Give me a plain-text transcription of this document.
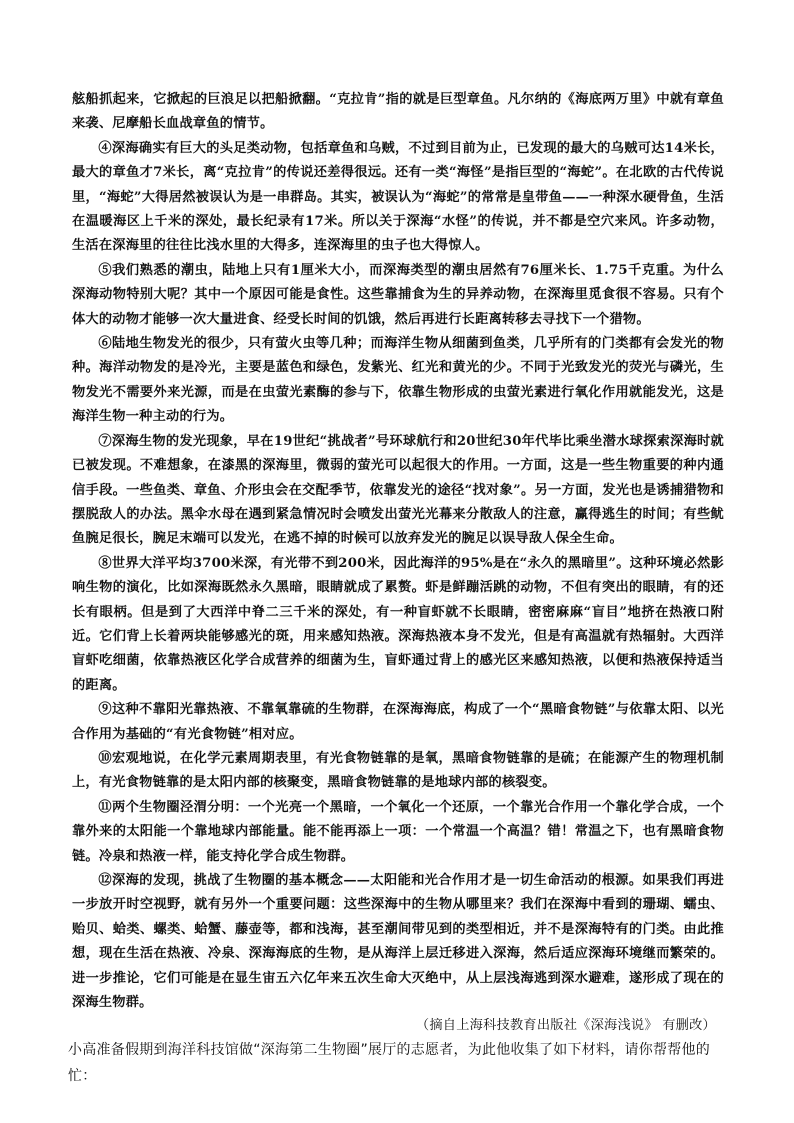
舷船抓起来，它掀起的巨浪足以把船掀翻。“克拉肯”指的就是巨型章鱼。凡尔纳的《海底两万里》中就有章鱼来袭、尼摩船长血战章鱼的情节。

④深海确实有巨大的头足类动物，包括章鱼和乌贼，不过到目前为止，已发现的最大的乌贼可达14米长，最大的章鱼才7米长，离“克拉肯”的传说还差得很远。还有一类“海怪”是指巨型的“海蛇”。在北欧的古代传说里，“海蛇”大得居然被误认为是一串群岛。其实，被误认为“海蛇”的常常是皇带鱼——一种深水硬骨鱼，生活在温暖海区上千米的深处，最长纪录有17米。所以关于深海“水怪”的传说，并不都是空穴来风。许多动物，生活在深海里的往往比浅水里的大得多，连深海里的虫子也大得惊人。

⑤我们熟悉的潮虫，陆地上只有1厘米大小，而深海类型的潮虫居然有76厘米长、1.75千克重。为什么深海动物特别大呢？其中一个原因可能是食性。这些靠捕食为生的异养动物，在深海里觅食很不容易。只有个体大的动物才能够一次大量进食、经受长时间的饥饿，然后再进行长距离转移去寻找下一个猎物。

⑥陆地生物发光的很少，只有萤火虫等几种；而海洋生物从细菌到鱼类，几乎所有的门类都有会发光的物种。海洋动物发的是冷光，主要是蓝色和绿色，发紫光、红光和黄光的少。不同于光致发光的荧光与磷光，生物发光不需要外来光源，而是在虫萤光素酶的参与下，依靠生物形成的虫萤光素进行氧化作用就能发光，这是海洋生物一种主动的行为。

⑦深海生物的发光现象，早在19世纪“挑战者”号环球航行和20世纪30年代毕比乘坐潜水球探索深海时就已被发现。不难想象，在漆黑的深海里，微弱的萤光可以起很大的作用。一方面，这是一些生物重要的种内通信手段。一些鱼类、章鱼、介形虫会在交配季节，依靠发光的途径“找对象”。另一方面，发光也是诱捕猎物和摆脱敌人的办法。黑伞水母在遇到紧急情况时会喷发出萤光光幕来分散敌人的注意，赢得逃生的时间；有些鱿鱼腕足很长，腕足末端可以发光，在逃不掉的时候可以放弃发光的腕足以误导敌人保全生命。

⑧世界大洋平均3700米深，有光带不到200米，因此海洋的95%是在“永久的黑暗里”。这种环境必然影响生物的演化，比如深海既然永久黑暗，眼睛就成了累赘。虾是鲜蹦活跳的动物，不但有突出的眼睛，有的还长有眼柄。但是到了大西洋中脊二三千米的深处，有一种盲虾就不长眼睛，密密麻麻“盲目”地挤在热液口附近。它们背上长着两块能够感光的斑，用来感知热液。深海热液本身不发光，但是有高温就有热辐射。大西洋盲虾吃细菌，依靠热液区化学合成营养的细菌为生，盲虾通过背上的感光区来感知热液，以便和热液保持适当的距离。

⑨这种不靠阳光靠热液、不靠氧靠硫的生物群，在深海海底，构成了一个“黑暗食物链”与依靠太阳、以光合作用为基础的“有光食物链”相对应。

⑩宏观地说，在化学元素周期表里，有光食物链靠的是氧，黑暗食物链靠的是硫；在能源产生的物理机制上，有光食物链靠的是太阳内部的核聚变，黑暗食物链靠的是地球内部的核裂变。

⑪两个生物圈泾渭分明：一个光亮一个黑暗，一个氧化一个还原，一个靠光合作用一个靠化学合成，一个靠外来的太阳能一个靠地球内部能量。能不能再添上一项：一个常温一个高温？错！常温之下，也有黑暗食物链。冷泉和热液一样，能支持化学合成生物群。

⑫深海的发现，挑战了生物圈的基本概念——太阳能和光合作用才是一切生命活动的根源。如果我们再进一步放开时空视野，就有另外一个重要问题：这些深海中的生物从哪里来？我们在深海中看到的珊瑚、蠕虫、贻贝、蛤类、螺类、蛤蟹、藤壶等，都和浅海，甚至潮间带见到的类型相近，并不是深海特有的门类。由此推想，现在生活在热液、冷泉、深海海底的生物，是从海洋上层迁移进入深海，然后适应深海环境继而繁荣的。进一步推论，它们可能是在显生宙五六亿年来五次生命大灭绝中，从上层浅海逃到深水避难，遂形成了现在的深海生物群。

（摘自上海科技教育出版社《深海浅说》 有删改）

小高准备假期到海洋科技馆做“深海第二生物圈”展厅的志愿者，为此他收集了如下材料，请你帮帮他的忙：
